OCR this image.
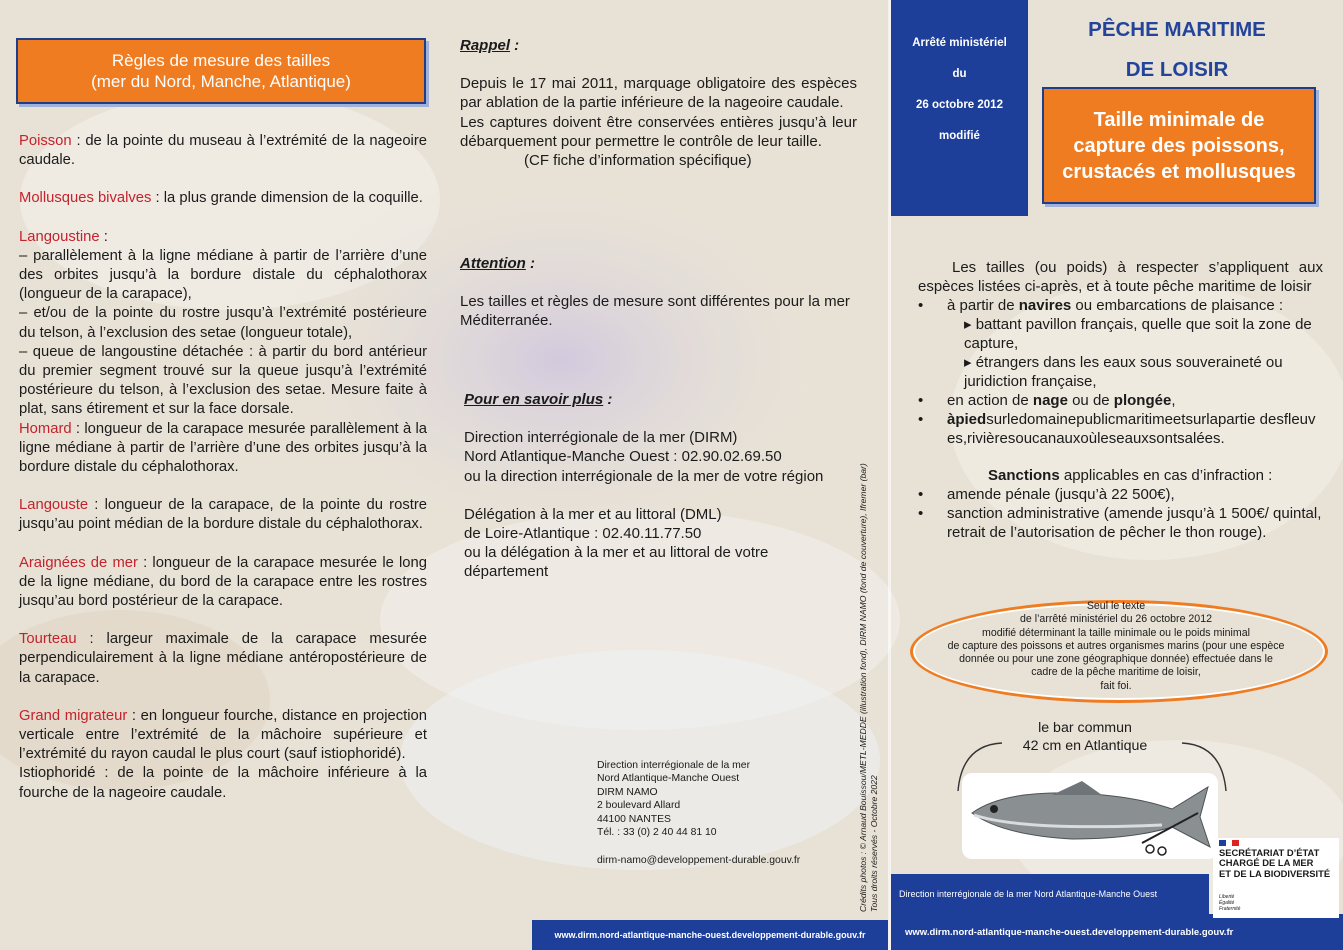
Règles de mesure des tailles
(mer du Nord, Manche, Atlantique)

Poisson : de la pointe du museau à l’extrémité de la nageoire caudale.

Mollusques bivalves : la plus grande dimension de la coquille.

Langoustine :

– parallèlement à la ligne médiane à partir de l’arrière d’une des orbites jusqu’à la bordure distale du céphalothorax (longueur de la carapace),

– et/ou de la pointe du rostre jusqu’à l’extrémité postérieure du telson, à l’exclusion des setae (longueur totale),

– queue de langoustine détachée : à partir du bord antérieur du premier segment trouvé sur la queue jusqu’à l’extrémité postérieure du telson, à l’exclusion des setae. Mesure faite à plat, sans étirement et sur la face dorsale.

Homard : longueur de la carapace mesurée parallèlement à la ligne médiane à partir de l’arrière d’une des orbites jusqu’à la bordure distale du céphalothorax.

Langouste : longueur de la carapace, de la pointe du rostre jusqu’au point médian de la bordure distale du céphalothorax.

Araignées de mer : longueur de la carapace mesurée le long de la ligne médiane, du bord de la carapace entre les rostres jusqu’au bord postérieur de la carapace.

Tourteau : largeur maximale de la carapace mesurée perpendiculairement à la ligne médiane antéropostérieure de la carapace.

Grand migrateur : en longueur fourche, distance en projection verticale entre l’extrémité de la mâchoire supérieure et l’extrémité du rayon caudal le plus court (sauf istiophoridé).

Istiophoridé : de la pointe de la mâchoire inférieure à la fourche de la nageoire caudale.

Rappel :

Depuis le 17 mai 2011, marquage obligatoire des espèces par ablation de la partie inférieure de la nageoire caudale.

Les captures doivent être conservées entières jusqu’à leur débarquement pour permettre le contrôle de leur taille.

(CF fiche d’information spécifique)

Attention :

Les tailles et règles de mesure sont différentes pour la mer Méditerranée.

Pour en savoir plus :

Direction interrégionale de la mer (DIRM)

Nord Atlantique-Manche Ouest : 02.90.02.69.50

ou la direction interrégionale de la mer de votre région

Délégation à la mer et au littoral (DML)

de Loire-Atlantique : 02.40.11.77.50

ou la délégation à la mer et au littoral de votre département

Direction interrégionale de la mer
Nord Atlantique-Manche Ouest
DIRM NAMO
2 boulevard Allard
44100 NANTES
Tél. : 33 (0) 2 40 44 81 10
dirm-namo@developpement-durable.gouv.fr	Crédits photos : © Arnaud Bouissou/METL-MEDDE (illustration fond), DIRM NAMO (fond de couverture), Ifremer (bar) Tous droits réservés - Octobre 2022
www.dirm.nord-atlantique-manche-ouest.developpement-durable.gouv.fr
Arrêté ministériel
du
26 octobre 2012
modifié
PÊCHE MARITIME
DE LOISIR
Taille minimale de
capture des poissons,
crustacés et mollusques

Les tailles (ou poids) à respecter s’appliquent aux espèces listées ci-après, et à toute pêche maritime de loisir

• à partir de navires ou embarcations de plaisance :

▸ battant pavillon français, quelle que soit la zone de capture,

▸ étrangers dans les eaux sous souveraineté ou juridiction française,

• en action de nage ou de plongée,

• àpiedsurledomainepublicmaritimeetsurlapartie desfleuves,rivièresoucanauxoùleseauxsontsalées.

Sanctions applicables en cas d’infraction :

• amende pénale (jusqu’à 22 500€),

• sanction administrative (amende jusqu’à 1 500€/ quintal, retrait de l’autorisation de pêcher le thon rouge).

Seul le texte
de l’arrêté ministériel du 26 octobre 2012
modifié déterminant la taille minimale ou le poids minimal
de capture des poissons et autres organismes marins (pour une espèce
donnée ou pour une zone géographique donnée) effectuée dans le
cadre de la pêche maritime de loisir,
fait foi.
le bar commun
42 cm en Atlantique
Direction interrégionale de la mer Nord Atlantique-Manche Ouest
www.dirm.nord-atlantique-manche-ouest.developpement-durable.gouv.fr
SECRÉTARIAT D’ÉTAT
CHARGÉ DE LA MER
ET DE LA BIODIVERSITÉ
Liberté
Égalité
Fraternité
